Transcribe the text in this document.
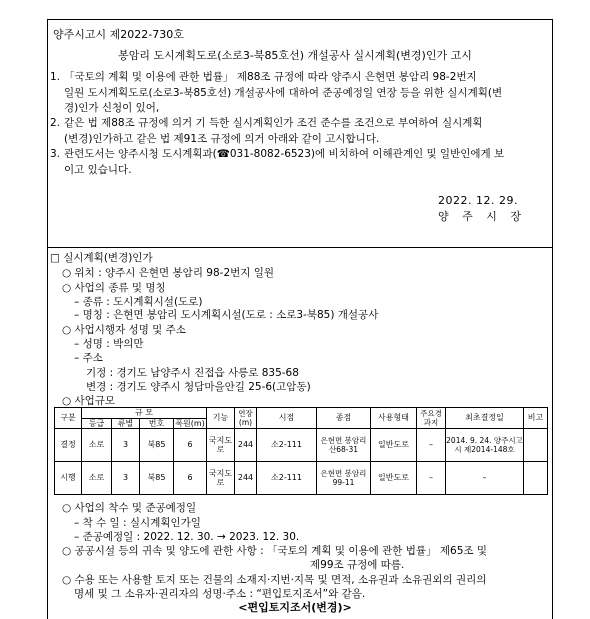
양주시고시 제2022-730호
봉암리 도시계획도로(소로3-북85호선) 개설공사 실시계획(변경)인가 고시
1. 「국토의 계획 및 이용에 관한 법률」 제88조 규정에 따라 양주시 은현면 봉암리 98-2번지
일원 도시계획도로(소로3-북85호선) 개설공사에 대하여 준공예정일 연장 등을 위한 실시계획(변
경)인가 신청이 있어,
2. 같은 법 제88조 규정에 의거 기 득한 실시계획인가 조건 준수를 조건으로 부여하여 실시계획
(변경)인가하고 같은 법 제91조 규정에 의거 아래와 같이 고시합니다.
3. 관련도서는 양주시청 도시계획과(☎031-8082-6523)에 비치하여 이해관계인 및 일반인에게 보
이고 있습니다.
2022. 12. 29.
양 주 시 장
□ 실시계획(변경)인가
○ 위치 : 양주시 은현면 봉암리 98-2번지 일원
○ 사업의 종류 및 명칭
– 종류 : 도시계획시설(도로)
– 명칭 : 은현면 봉암리 도시계획시설(도로 : 소로3-북85) 개설공사
○ 사업시행자 성명 및 주소
– 성명 : 박의만
– 주소
기정 : 경기도 남양주시 진접읍 사릉로 835-68
변경 : 경기도 양주시 청담마을안길 25-6(고암동)
○ 사업규모
구분	규 모				기능	연장(m)	시점	종점	사용형태	주요경과지	최초결정일	비고
	등급	류별	번호	폭원(m)								
결정	소로	3	북85	6	국지도로	244	소2-111	은현면 봉암리 산68-31	일반도로	–	2014. 9. 24. 양주시고시 제2014-148호	
시행	소로	3	북85	6	국지도로	244	소2-111	은현면 봉암리 99-11	일반도로	–	–	
○ 사업의 착수 및 준공예정일
– 착 수 일 : 실시계획인가일
– 준공예정일 : 2022. 12. 30. → 2023. 12. 30.
○ 공공시설 등의 귀속 및 양도에 관한 사항 : 「국토의 계획 및 이용에 관한 법률」 제65조 및
제99조 규정에 따름.
○ 수용 또는 사용할 토지 또는 건물의 소재지·지번·지목 및 면적, 소유권과 소유권외의 권리의
명세 및 그 소유자·권리자의 성명·주소 : “편입토지조서”와 같음.
<편입토지조서(변경)>
